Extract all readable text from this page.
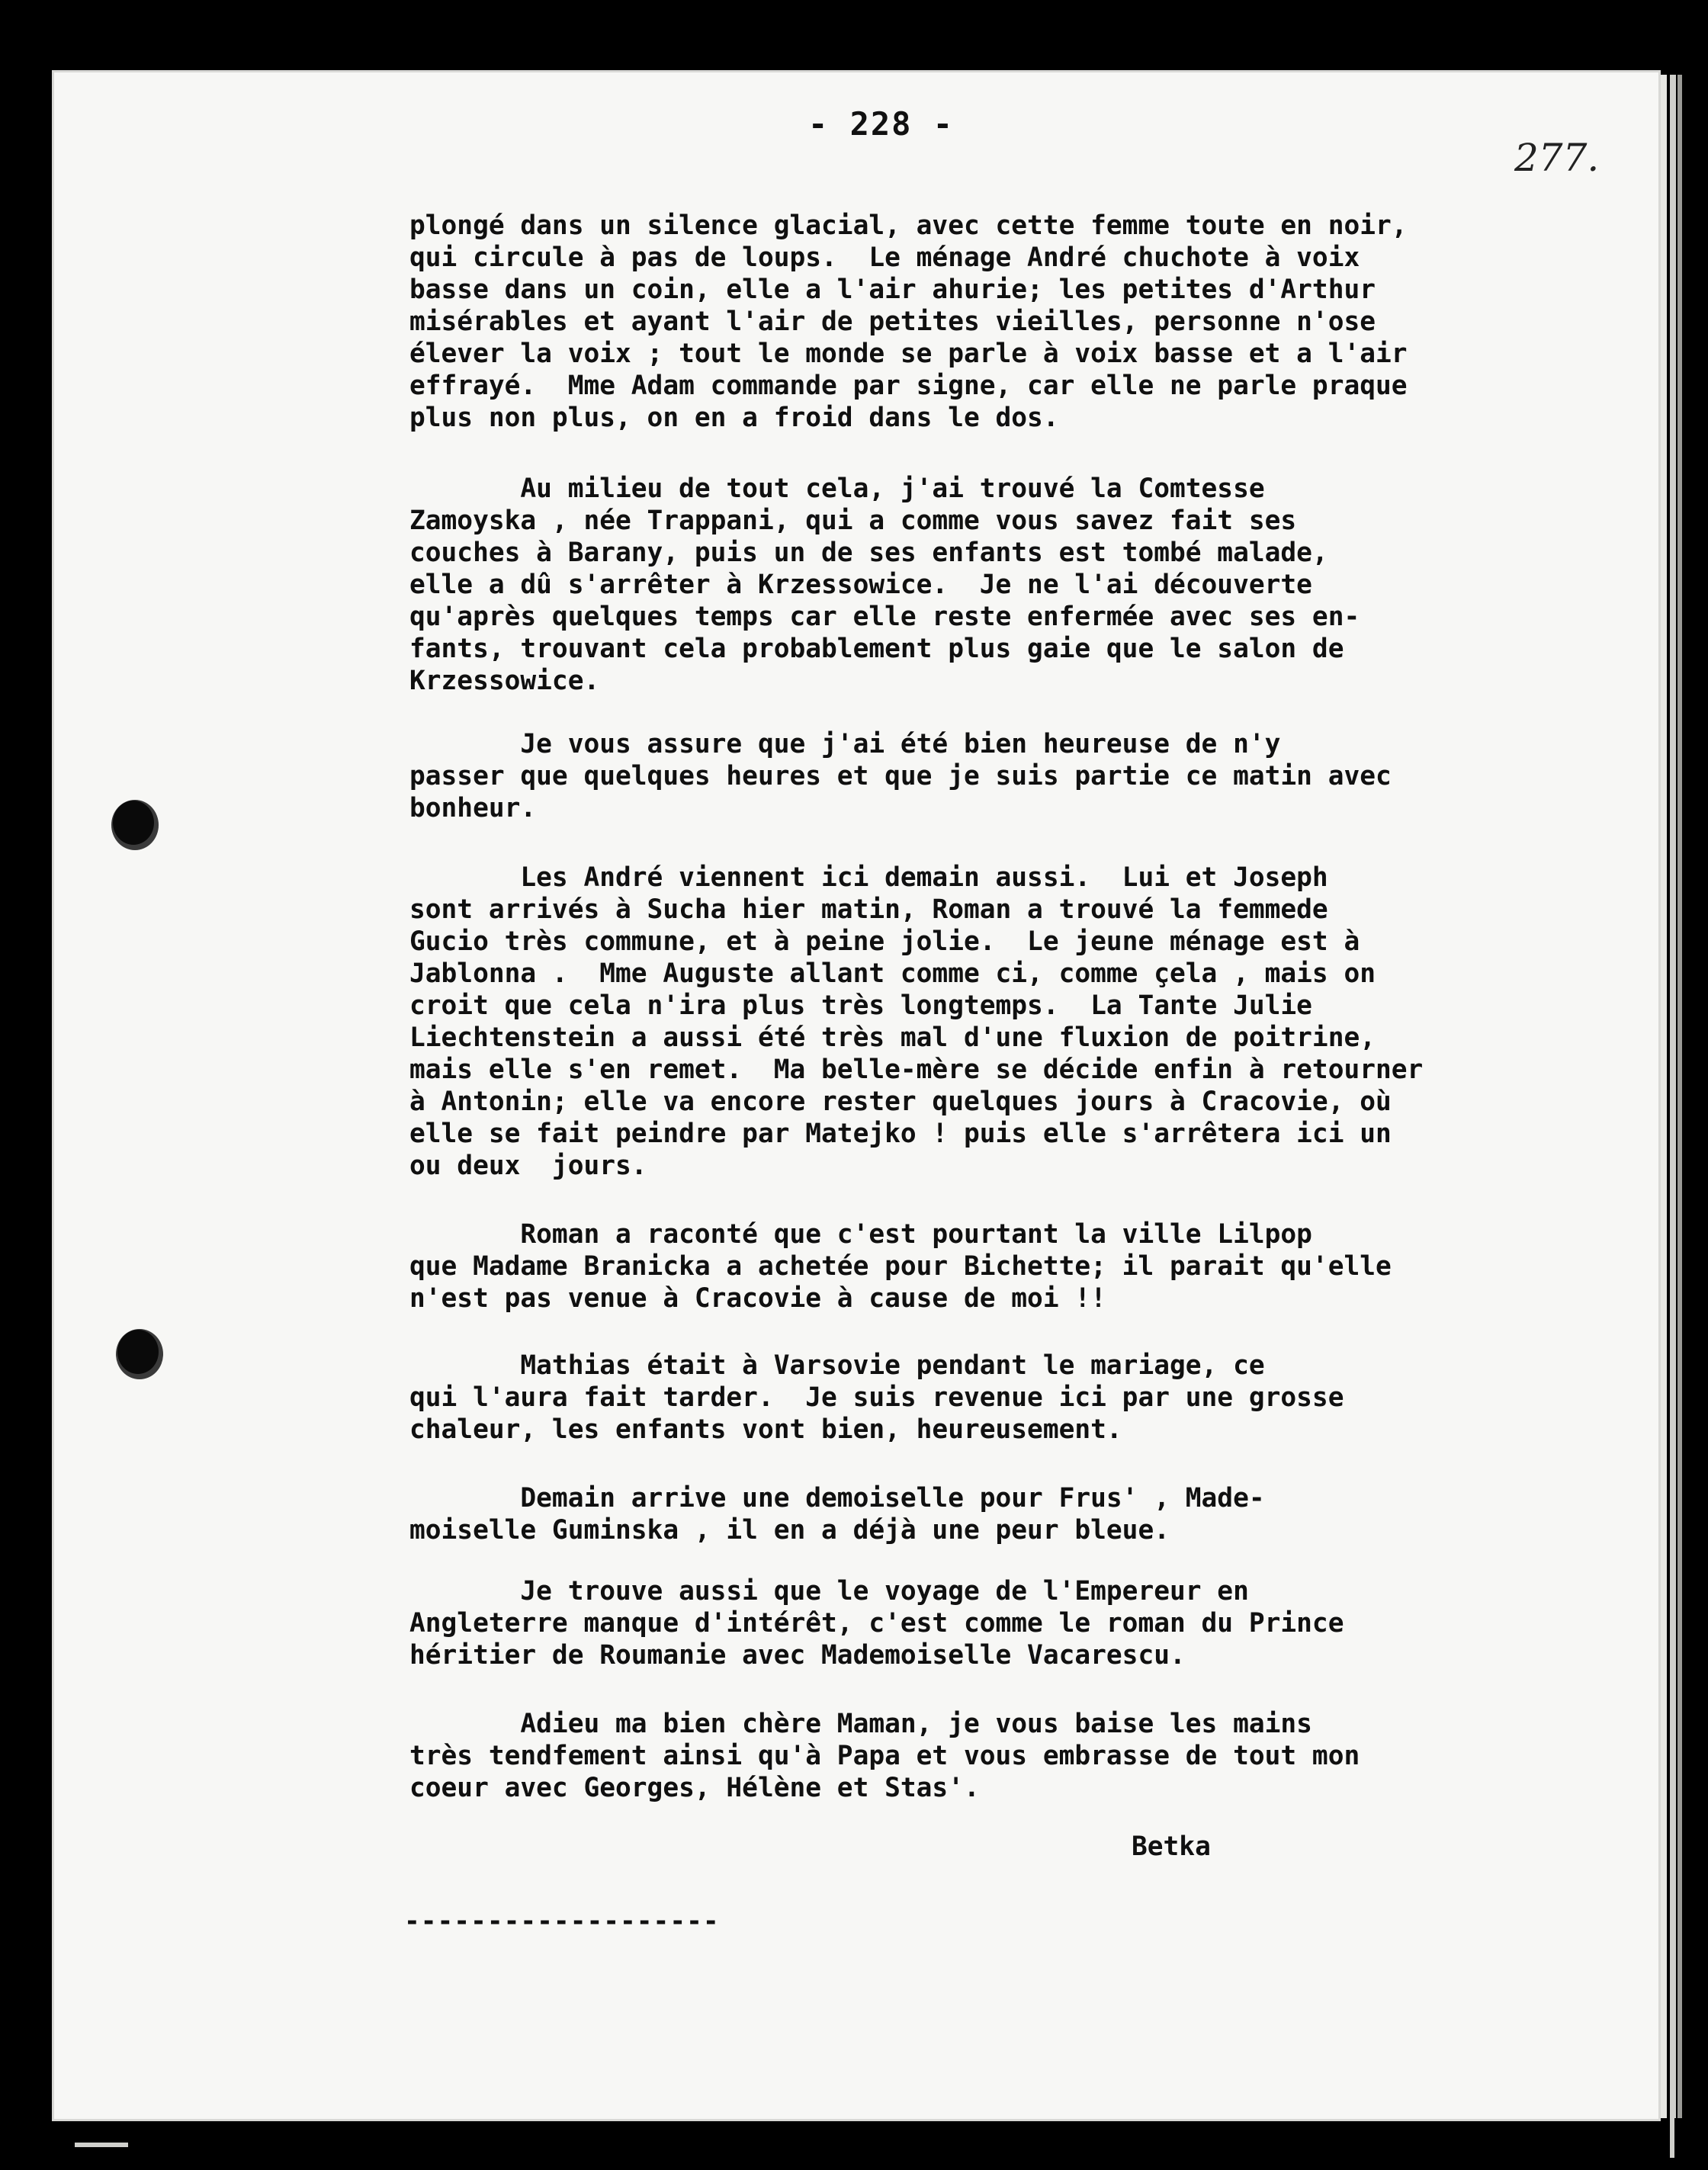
- 228 -
277.

plongé dans un silence glacial, avec cette femme toute en noir,
qui circule à pas de loups.  Le ménage André chuchote à voix
basse dans un coin, elle a l'air ahurie; les petites d'Arthur
misérables et ayant l'air de petites vieilles, personne n'ose
élever la voix ; tout le monde se parle à voix basse et a l'air
effrayé.  Mme Adam commande par signe, car elle ne parle praque
plus non plus, on en a froid dans le dos.

Au milieu de tout cela, j'ai trouvé la Comtesse
Zamoyska , née Trappani, qui a comme vous savez fait ses
couches à Barany, puis un de ses enfants est tombé malade,
elle a dû s'arrêter à Krzessowice.  Je ne l'ai découverte
qu'après quelques temps car elle reste enfermée avec ses en-
fants, trouvant cela probablement plus gaie que le salon de
Krzessowice.

Je vous assure que j'ai été bien heureuse de n'y
passer que quelques heures et que je suis partie ce matin avec
bonheur.

Les André viennent ici demain aussi.  Lui et Joseph
sont arrivés à Sucha hier matin, Roman a trouvé la femmede
Gucio très commune, et à peine jolie.  Le jeune ménage est à
Jablonna .  Mme Auguste allant comme ci, comme çela , mais on
croit que cela n'ira plus très longtemps.  La Tante Julie
Liechtenstein a aussi été très mal d'une fluxion de poitrine,
mais elle s'en remet.  Ma belle-mère se décide enfin à retourner
à Antonin; elle va encore rester quelques jours à Cracovie, où
elle se fait peindre par Matejko ! puis elle s'arrêtera ici un
ou deux  jours.

Roman a raconté que c'est pourtant la ville Lilpop
que Madame Branicka a achetée pour Bichette; il parait qu'elle
n'est pas venue à Cracovie à cause de moi !!

Mathias était à Varsovie pendant le mariage, ce
qui l'aura fait tarder.  Je suis revenue ici par une grosse
chaleur, les enfants vont bien, heureusement.

Demain arrive une demoiselle pour Frus' , Made-
moiselle Guminska , il en a déjà une peur bleue.

Je trouve aussi que le voyage de l'Empereur en
Angleterre manque d'intérêt, c'est comme le roman du Prince
héritier de Roumanie avec Mademoiselle Vacarescu.

Adieu ma bien chère Maman, je vous baise les mains
très tendfement ainsi qu'à Papa et vous embrasse de tout mon
coeur avec Georges, Hélène et Stas'.

Betka
-------------------
